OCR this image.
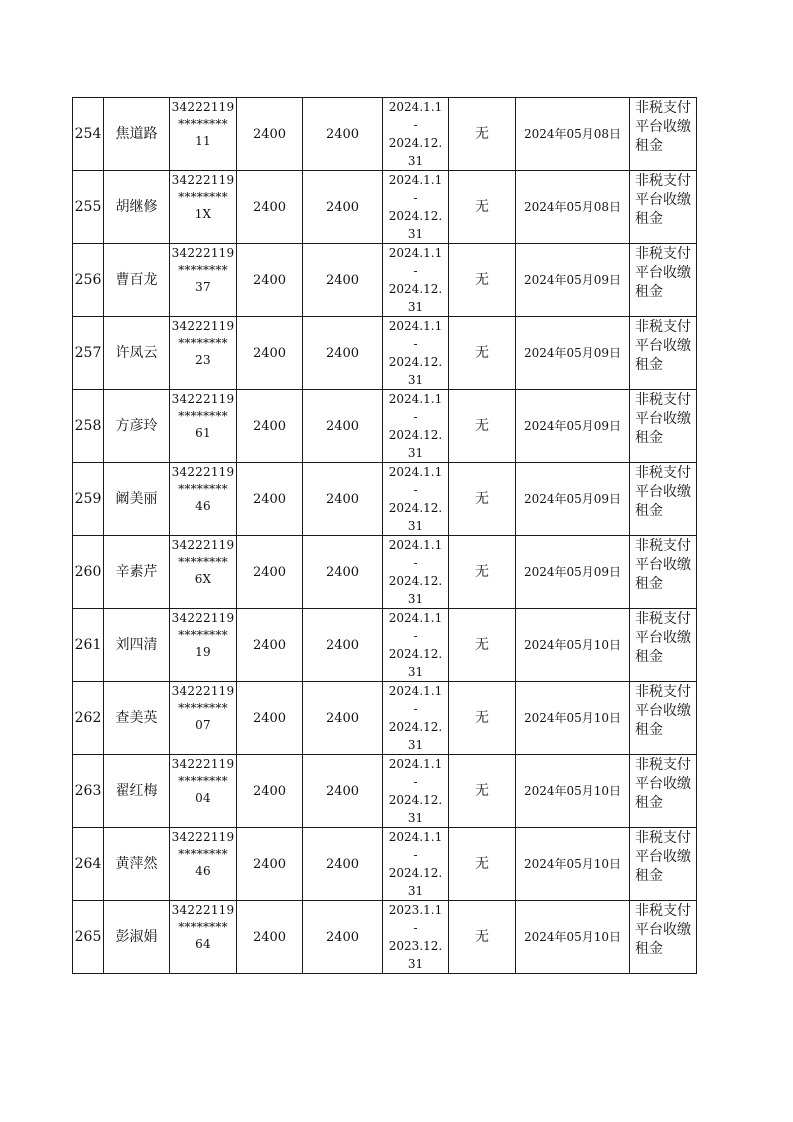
254	焦道路	34222119
********
11	2400	2400	2024.1.1
-
2024.12.
31	无	2024年05月08日	非税支付平台收缴租金

255	胡继修	34222119
********
1X	2400	2400	2024.1.1
-
2024.12.
31	无	2024年05月08日	非税支付平台收缴租金

256	曹百龙	34222119
********
37	2400	2400	2024.1.1
-
2024.12.
31	无	2024年05月09日	非税支付平台收缴租金

257	许凤云	34222119
********
23	2400	2400	2024.1.1
-
2024.12.
31	无	2024年05月09日	非税支付平台收缴租金

258	方彦玲	34222119
********
61	2400	2400	2024.1.1
-
2024.12.
31	无	2024年05月09日	非税支付平台收缴租金

259	阚美丽	34222119
********
46	2400	2400	2024.1.1
-
2024.12.
31	无	2024年05月09日	非税支付平台收缴租金

260	辛素芹	34222119
********
6X	2400	2400	2024.1.1
-
2024.12.
31	无	2024年05月09日	非税支付平台收缴租金

261	刘四清	34222119
********
19	2400	2400	2024.1.1
-
2024.12.
31	无	2024年05月10日	非税支付平台收缴租金

262	查美英	34222119
********
07	2400	2400	2024.1.1
-
2024.12.
31	无	2024年05月10日	非税支付平台收缴租金

263	翟红梅	34222119
********
04	2400	2400	2024.1.1
-
2024.12.
31	无	2024年05月10日	非税支付平台收缴租金

264	黄萍然	34222119
********
46	2400	2400	2024.1.1
-
2024.12.
31	无	2024年05月10日	非税支付平台收缴租金

265	彭淑娟	34222119
********
64	2400	2400	2023.1.1
-
2023.12.
31	无	2024年05月10日	非税支付平台收缴租金
